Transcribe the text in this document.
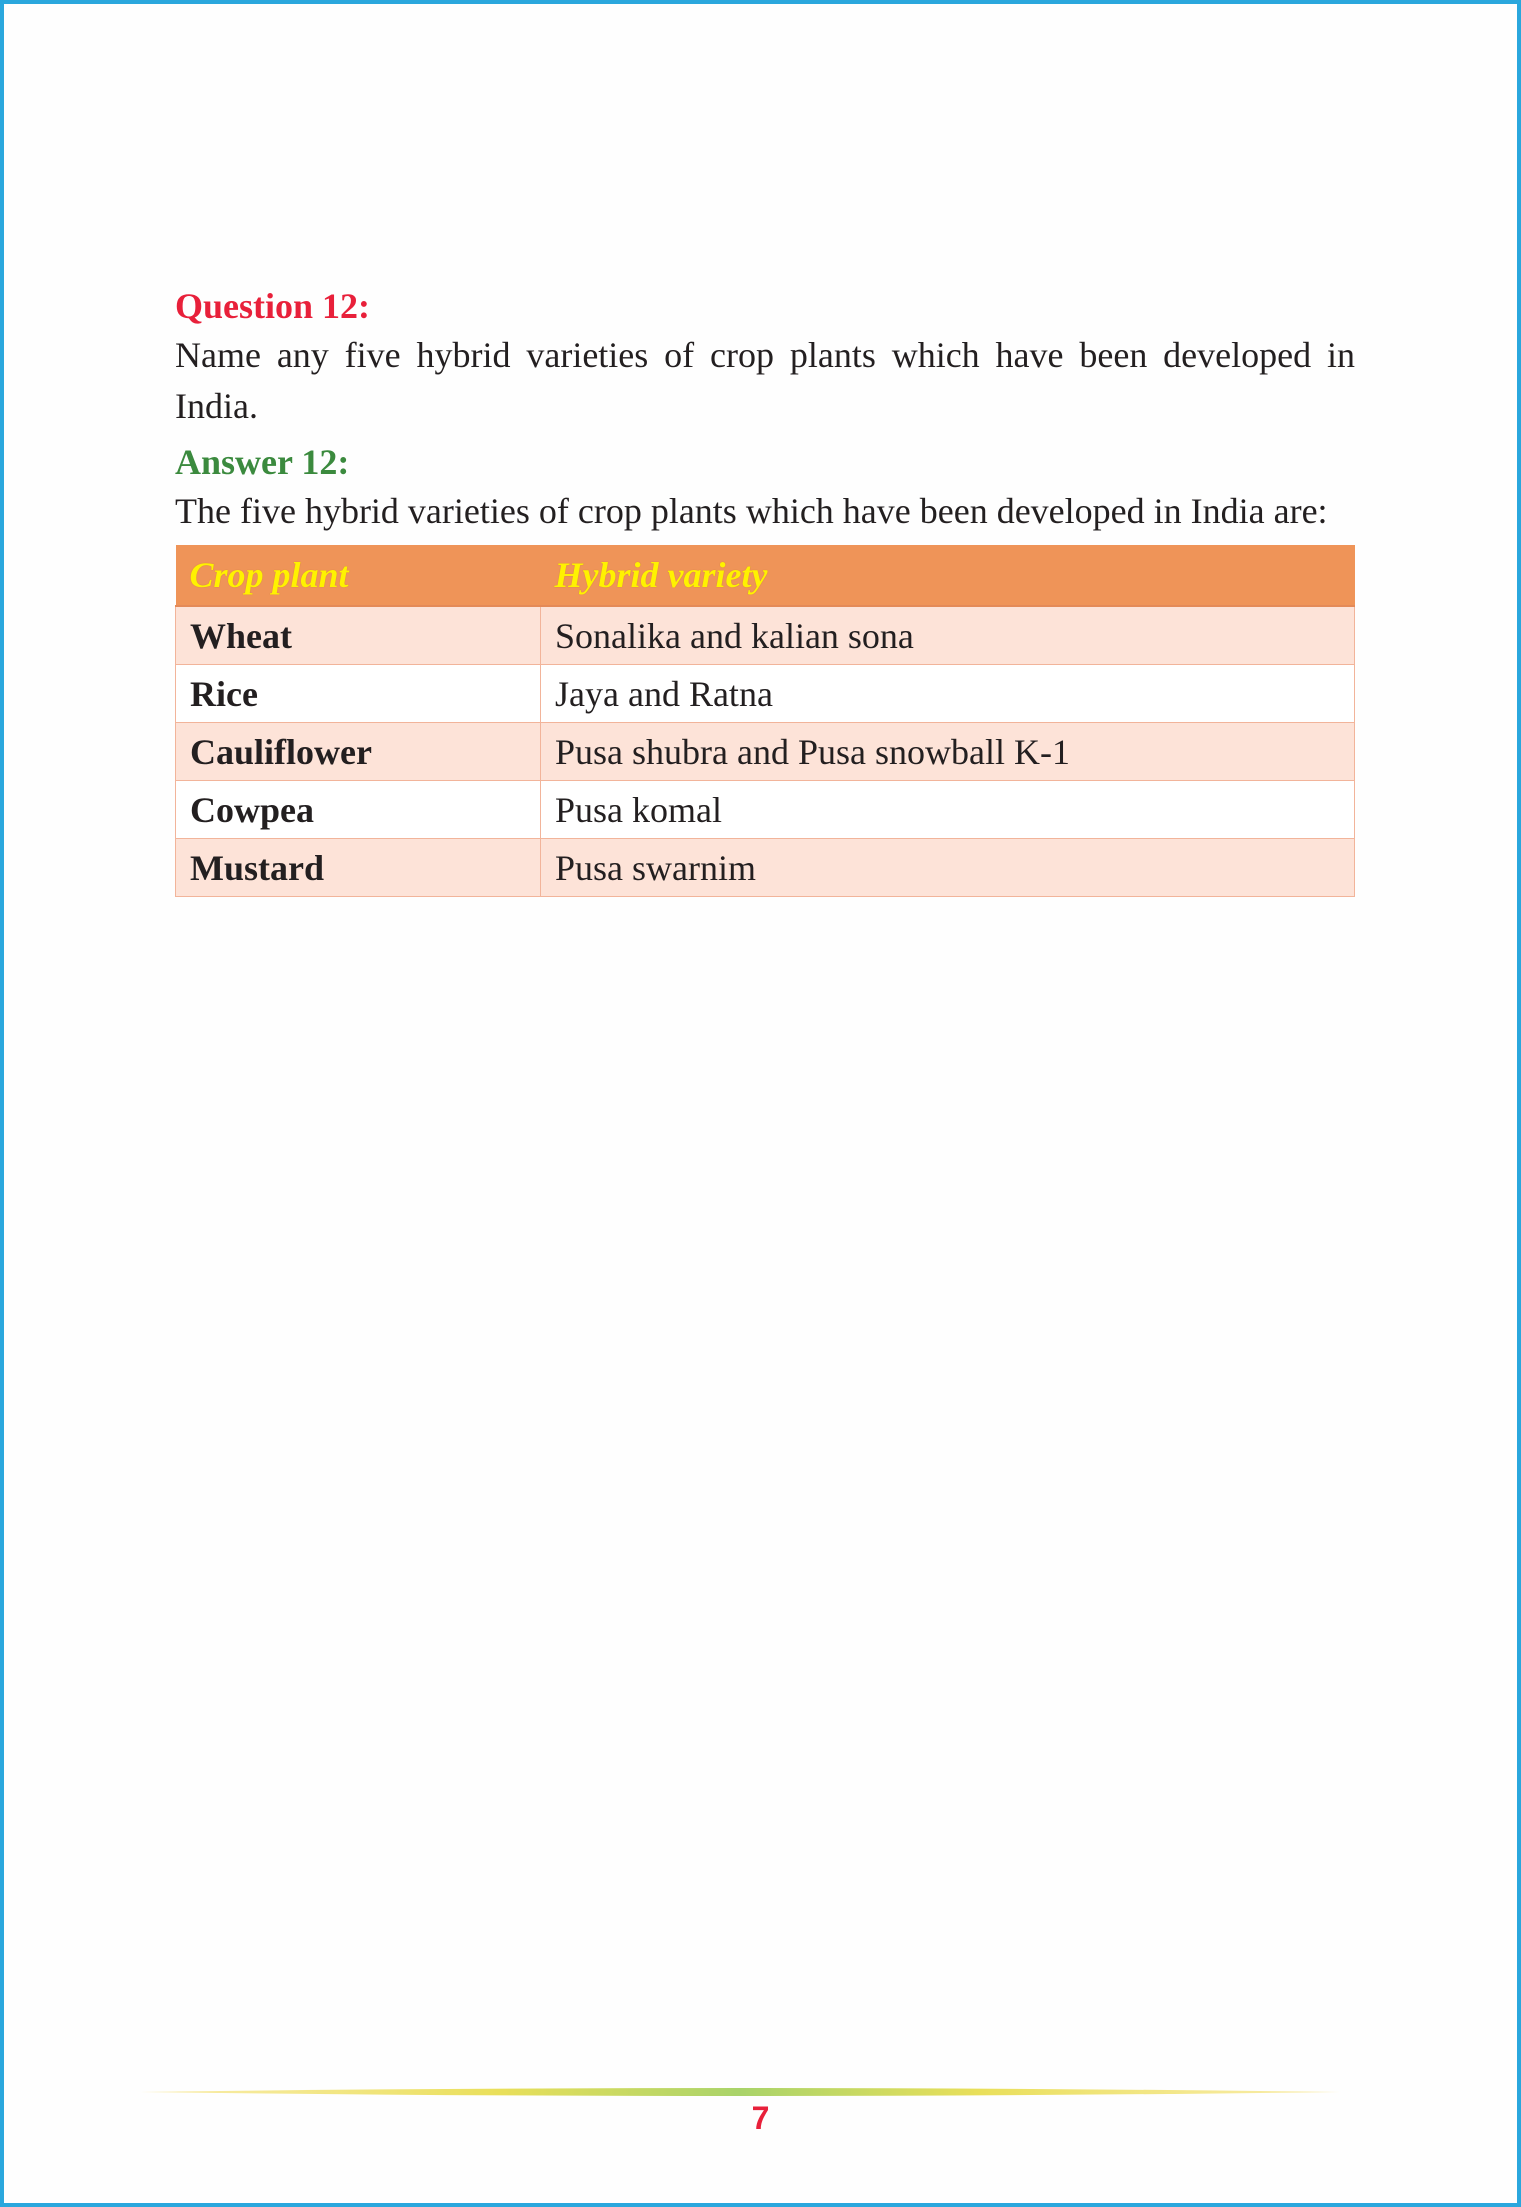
Question 12:

Name any five hybrid varieties of crop plants which have been developed in India.

Answer 12:

The five hybrid varieties of crop plants which have been developed in India are:

Crop plant	Hybrid variety
Wheat	Sonalika and kalian sona
Rice	Jaya and Ratna
Cauliflower	Pusa shubra and Pusa snowball K-1
Cowpea	Pusa komal
Mustard	Pusa swarnim
7
